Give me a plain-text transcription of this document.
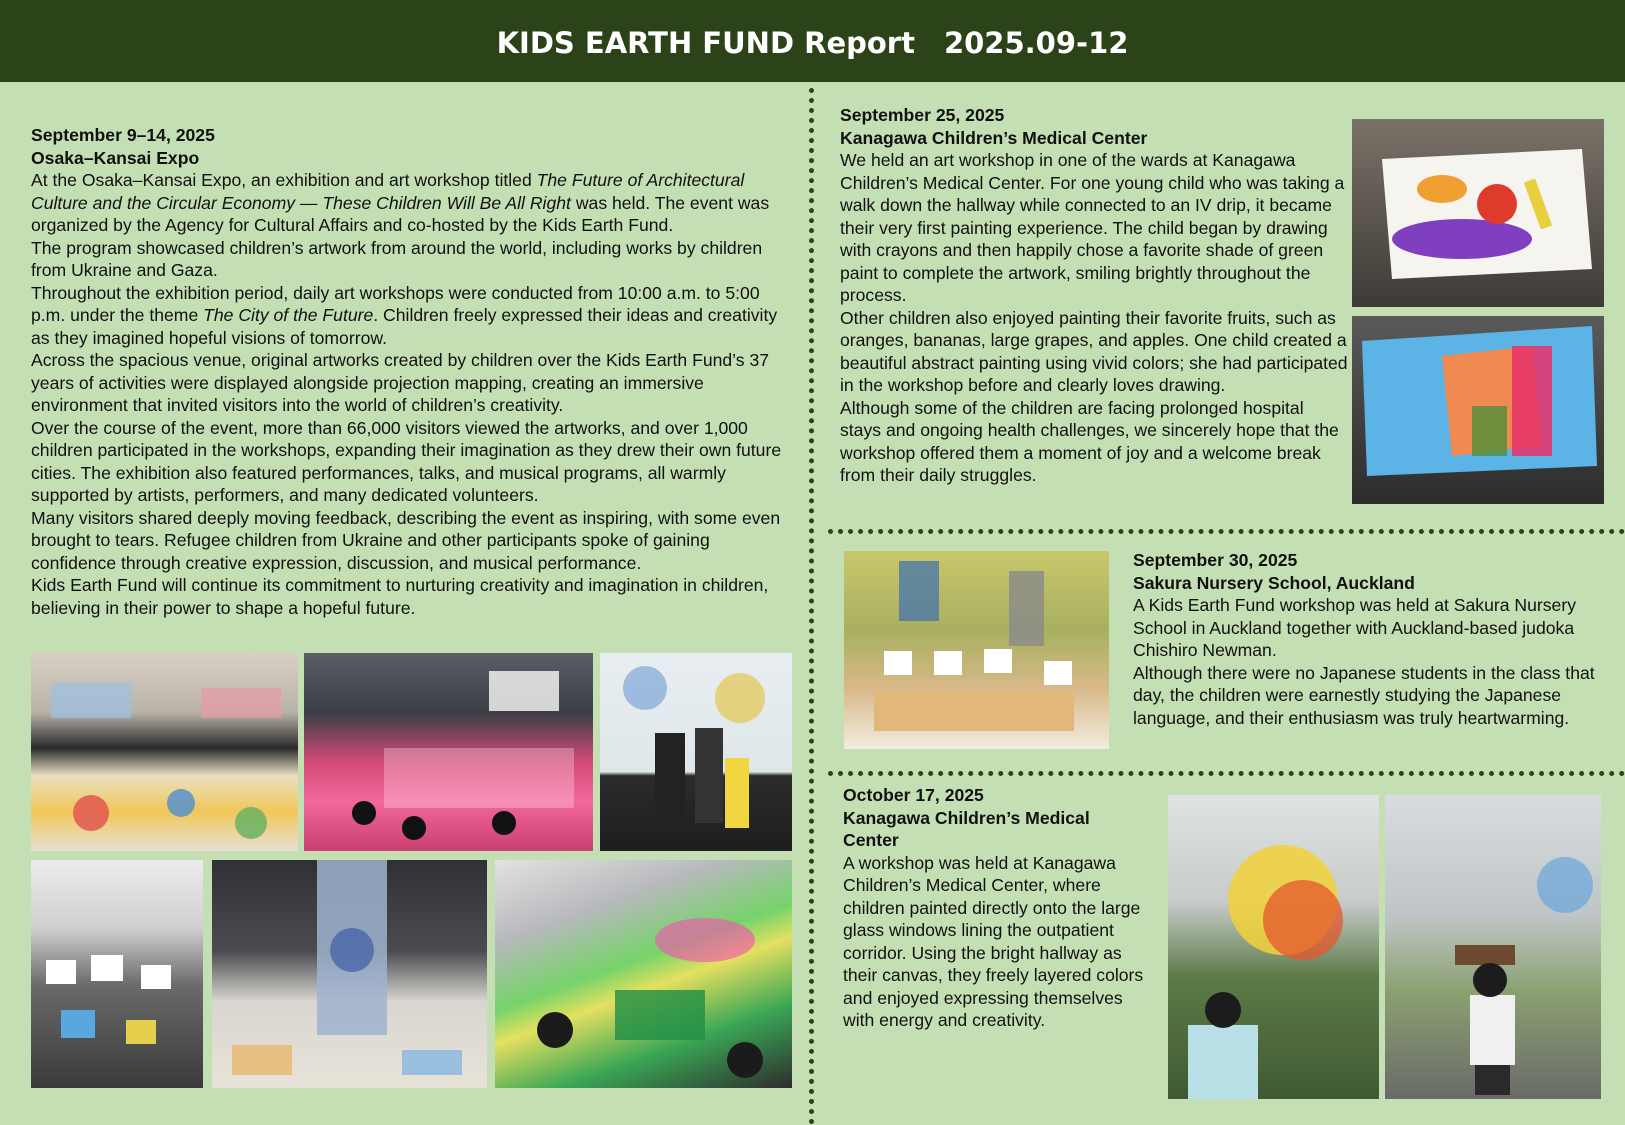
KIDS EARTH FUND Report　2025.09-12
September 9–14, 2025
Osaka–Kansai Expo

At the Osaka–Kansai Expo, an exhibition and art workshop titled The Future of Architectural Culture and the Circular Economy — These Children Will Be All Right was held. The event was organized by the Agency for Cultural Affairs and co-hosted by the Kids Earth Fund.

The program showcased children’s artwork from around the world, including works by children from Ukraine and Gaza.

Throughout the exhibition period, daily art workshops were conducted from 10:00 a.m. to 5:00 p.m. under the theme The City of the Future. Children freely expressed their ideas and creativity as they imagined hopeful visions of tomorrow.

Across the spacious venue, original artworks created by children over the Kids Earth Fund’s 37 years of activities were displayed alongside projection mapping, creating an immersive environment that invited visitors into the world of children’s creativity.

Over the course of the event, more than 66,000 visitors viewed the artworks, and over 1,000 children participated in the workshops, expanding their imagination as they drew their own future cities. The exhibition also featured performances, talks, and musical programs, all warmly supported by artists, performers, and many dedicated volunteers.

Many visitors shared deeply moving feedback, describing the event as inspiring, with some even brought to tears. Refugee children from Ukraine and other participants spoke of gaining confidence through creative expression, discussion, and musical performance.

Kids Earth Fund will continue its commitment to nurturing creativity and imagination in children, believing in their power to shape a hopeful future.

September 25, 2025
Kanagawa Children’s Medical Center

We held an art workshop in one of the wards at Kanagawa Children’s Medical Center. For one young child who was taking a walk down the hallway while connected to an IV drip, it became their very first painting experience. The child began by drawing with crayons and then happily chose a favorite shade of green paint to complete the artwork, smiling brightly throughout the process.

Other children also enjoyed painting their favorite fruits, such as oranges, bananas, large grapes, and apples. One child created a beautiful abstract painting using vivid colors; she had participated in the workshop before and clearly loves drawing.

Although some of the children are facing prolonged hospital stays and ongoing health challenges, we sincerely hope that the workshop offered them a moment of joy and a welcome break from their daily struggles.

September 30, 2025
Sakura Nursery School, Auckland

A Kids Earth Fund workshop was held at Sakura Nursery School in Auckland together with Auckland-based judoka Chishiro Newman.

Although there were no Japanese students in the class that day, the children were earnestly studying the Japanese language, and their enthusiasm was truly heartwarming.

October 17, 2025
Kanagawa Children’s Medical Center

A workshop was held at Kanagawa Children’s Medical Center, where children painted directly onto the large glass windows lining the outpatient corridor. Using the bright hallway as their canvas, they freely layered colors and enjoyed expressing themselves with energy and creativity.
